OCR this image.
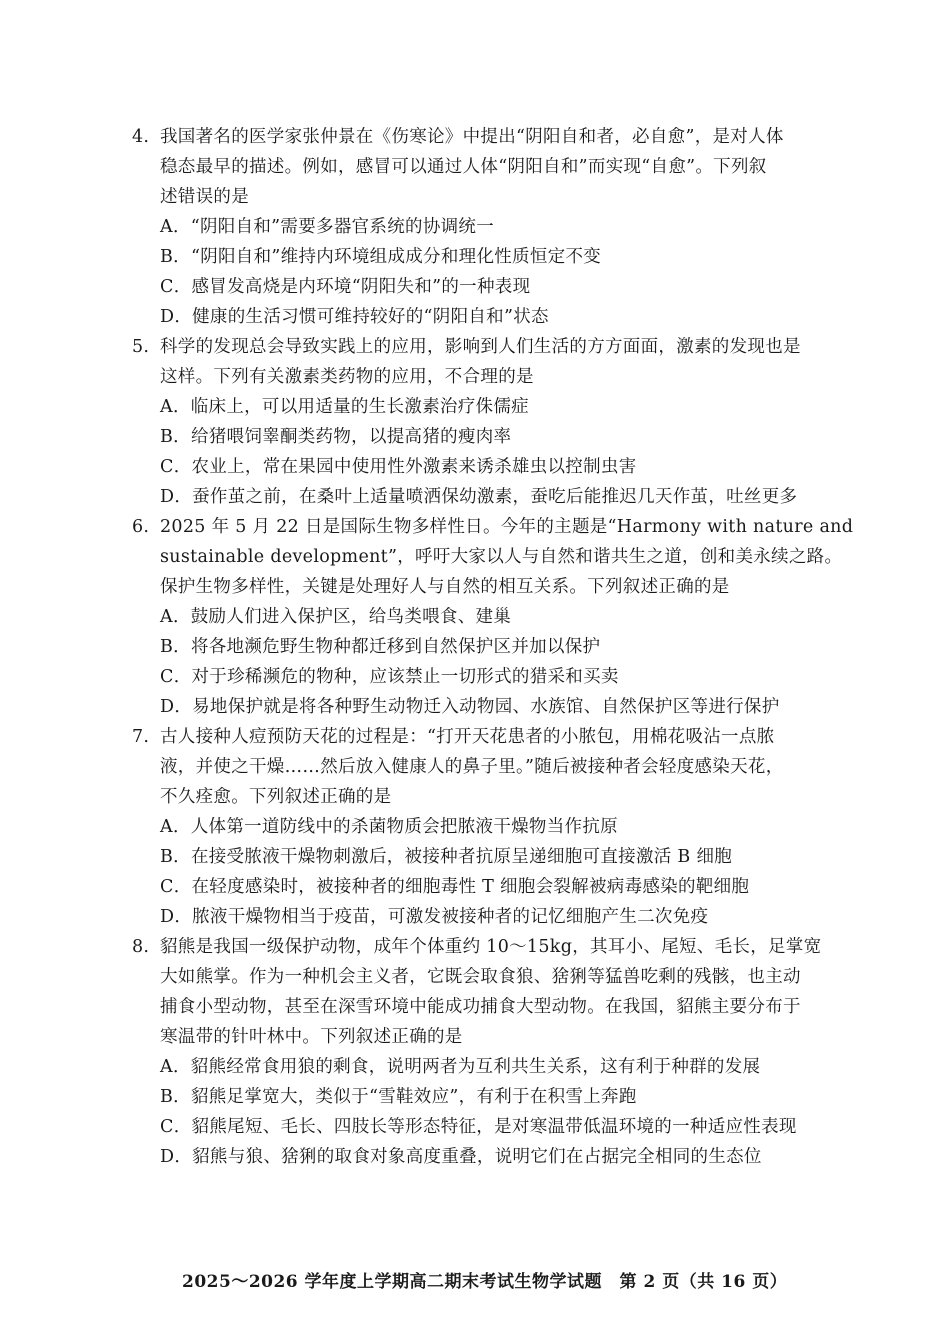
4. 我国著名的医学家张仲景在《伤寒论》中提出“阴阳自和者，必自愈”，是对人体
稳态最早的描述。例如，感冒可以通过人体“阴阳自和”而实现“自愈”。下列叙
述错误的是
A．“阴阳自和”需要多器官系统的协调统一
B．“阴阳自和”维持内环境组成成分和理化性质恒定不变
C．感冒发高烧是内环境“阴阳失和”的一种表现
D．健康的生活习惯可维持较好的“阴阳自和”状态
5. 科学的发现总会导致实践上的应用，影响到人们生活的方方面面，激素的发现也是
这样。下列有关激素类药物的应用，不合理的是
A．临床上，可以用适量的生长激素治疗侏儒症
B．给猪喂饲睾酮类药物，以提高猪的瘦肉率
C．农业上，常在果园中使用性外激素来诱杀雄虫以控制虫害
D．蚕作茧之前，在桑叶上适量喷洒保幼激素，蚕吃后能推迟几天作茧，吐丝更多
6. 2025 年 5 月 22 日是国际生物多样性日。今年的主题是“Harmony with nature and
sustainable development”，呼吁大家以人与自然和谐共生之道，创和美永续之路。
保护生物多样性，关键是处理好人与自然的相互关系。下列叙述正确的是
A．鼓励人们进入保护区，给鸟类喂食、建巢
B．将各地濒危野生物种都迁移到自然保护区并加以保护
C．对于珍稀濒危的物种，应该禁止一切形式的猎采和买卖
D．易地保护就是将各种野生动物迁入动物园、水族馆、自然保护区等进行保护
7. 古人接种人痘预防天花的过程是：“打开天花患者的小脓包，用棉花吸沾一点脓
液，并使之干燥……然后放入健康人的鼻子里。”随后被接种者会轻度感染天花，
不久痊愈。下列叙述正确的是
A．人体第一道防线中的杀菌物质会把脓液干燥物当作抗原
B．在接受脓液干燥物刺激后，被接种者抗原呈递细胞可直接激活 B 细胞
C．在轻度感染时，被接种者的细胞毒性 T 细胞会裂解被病毒感染的靶细胞
D．脓液干燥物相当于疫苗，可激发被接种者的记忆细胞产生二次免疫
8. 貂熊是我国一级保护动物，成年个体重约 10～15kg，其耳小、尾短、毛长，足掌宽
大如熊掌。作为一种机会主义者，它既会取食狼、猞猁等猛兽吃剩的残骸，也主动
捕食小型动物，甚至在深雪环境中能成功捕食大型动物。在我国，貂熊主要分布于
寒温带的针叶林中。下列叙述正确的是
A．貂熊经常食用狼的剩食，说明两者为互利共生关系，这有利于种群的发展
B．貂熊足掌宽大，类似于“雪鞋效应”，有利于在积雪上奔跑
C．貂熊尾短、毛长、四肢长等形态特征，是对寒温带低温环境的一种适应性表现
D．貂熊与狼、猞猁的取食对象高度重叠，说明它们在占据完全相同的生态位
2025～2026 学年度上学期高二期末考试生物学试题　第 2 页（共 16 页）
